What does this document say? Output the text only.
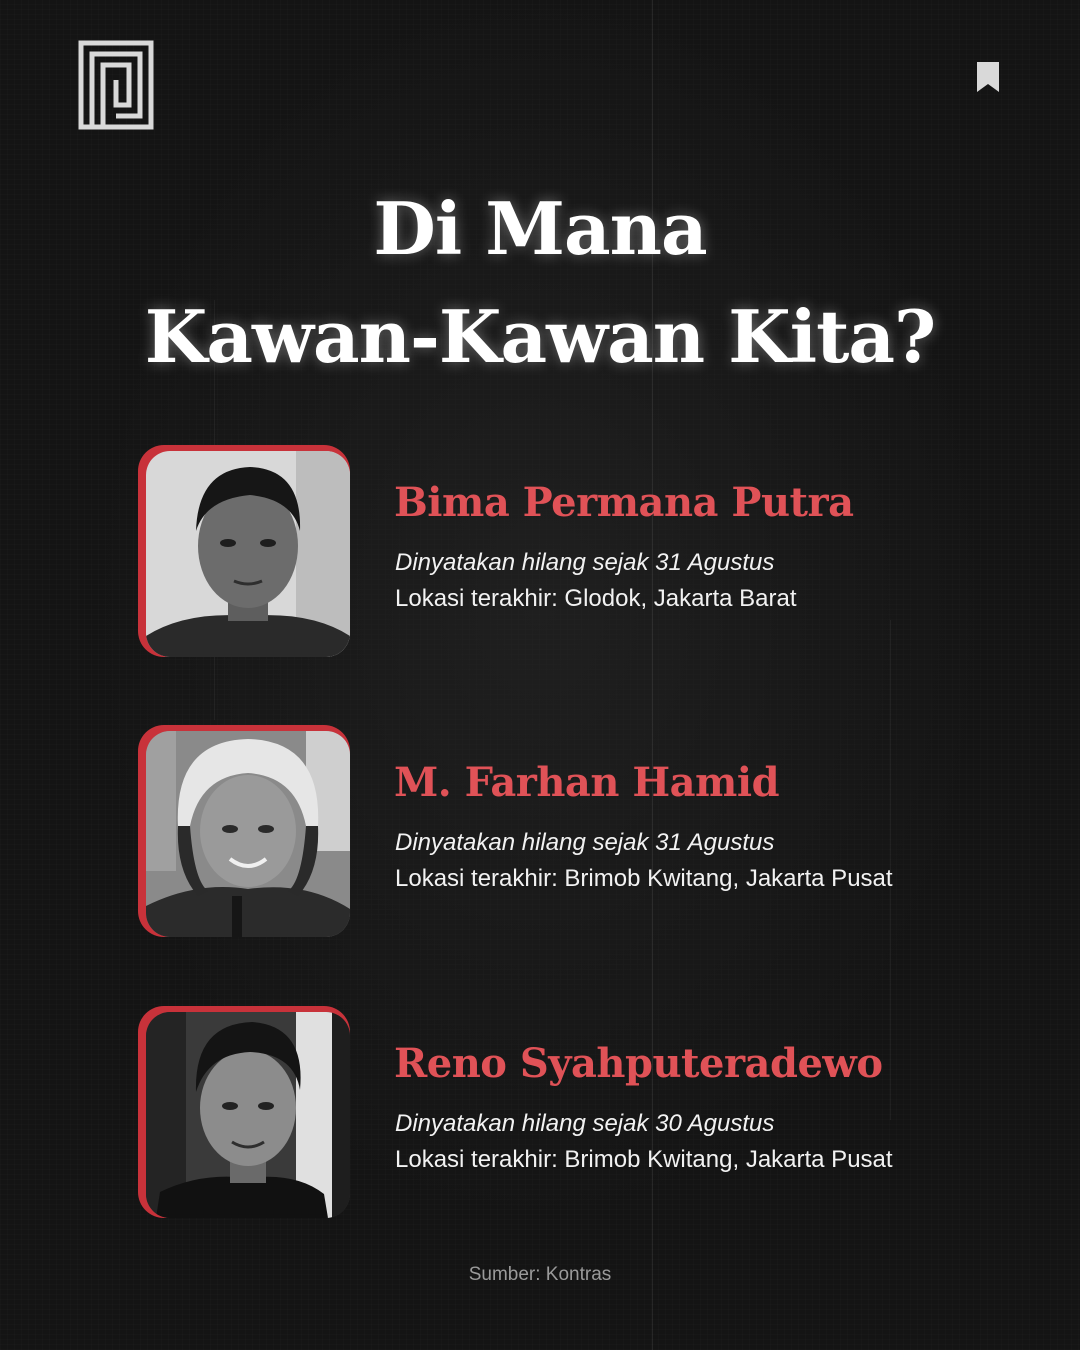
Di Mana
Kawan-Kawan Kita?
Bima Permana Putra
Dinyatakan hilang sejak 31 Agustus
Lokasi terakhir: Glodok, Jakarta Barat
M. Farhan Hamid
Dinyatakan hilang sejak 31 Agustus
Lokasi terakhir: Brimob Kwitang, Jakarta Pusat
Reno Syahputeradewo
Dinyatakan hilang sejak 30 Agustus
Lokasi terakhir: Brimob Kwitang, Jakarta Pusat
Sumber: Kontras
